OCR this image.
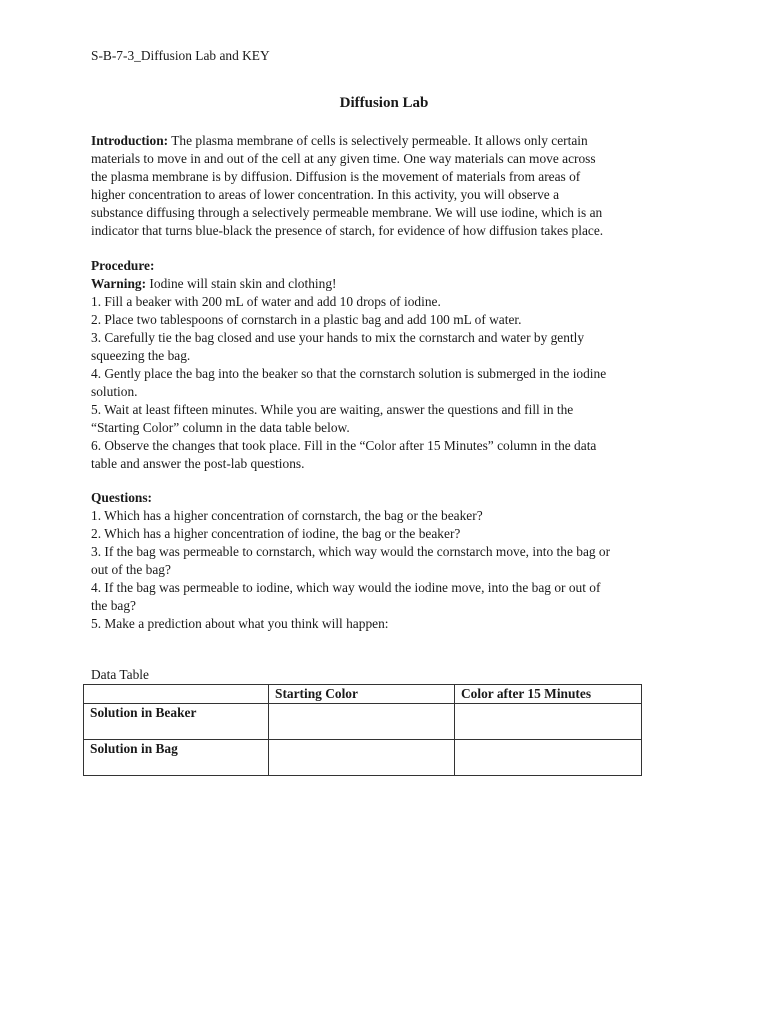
S-B-7-3_Diffusion Lab and KEY
Diffusion Lab

Introduction: The plasma membrane of cells is selectively permeable. It allows only certain

materials to move in and out of the cell at any given time. One way materials can move across

the plasma membrane is by diffusion. Diffusion is the movement of materials from areas of

higher concentration to areas of lower concentration. In this activity, you will observe a

substance diffusing through a selectively permeable membrane. We will use iodine, which is an

indicator that turns blue-black the presence of starch, for evidence of how diffusion takes place.

Procedure:

Warning: Iodine will stain skin and clothing!

1. Fill a beaker with 200 mL of water and add 10 drops of iodine.

2. Place two tablespoons of cornstarch in a plastic bag and add 100 mL of water.

3. Carefully tie the bag closed and use your hands to mix the cornstarch and water by gently

squeezing the bag.

4. Gently place the bag into the beaker so that the cornstarch solution is submerged in the iodine

solution.

5. Wait at least fifteen minutes. While you are waiting, answer the questions and fill in the

“Starting Color” column in the data table below.

6. Observe the changes that took place. Fill in the “Color after 15 Minutes” column in the data

table and answer the post-lab questions.

Questions:

1. Which has a higher concentration of cornstarch, the bag or the beaker?

2. Which has a higher concentration of iodine, the bag or the beaker?

3. If the bag was permeable to cornstarch, which way would the cornstarch move, into the bag or

out of the bag?

4. If the bag was permeable to iodine, which way would the iodine move, into the bag or out of

the bag?

5. Make a prediction about what you think will happen:

Data Table
	Starting Color	Color after 15 Minutes
Solution in Beaker		
Solution in Bag		
